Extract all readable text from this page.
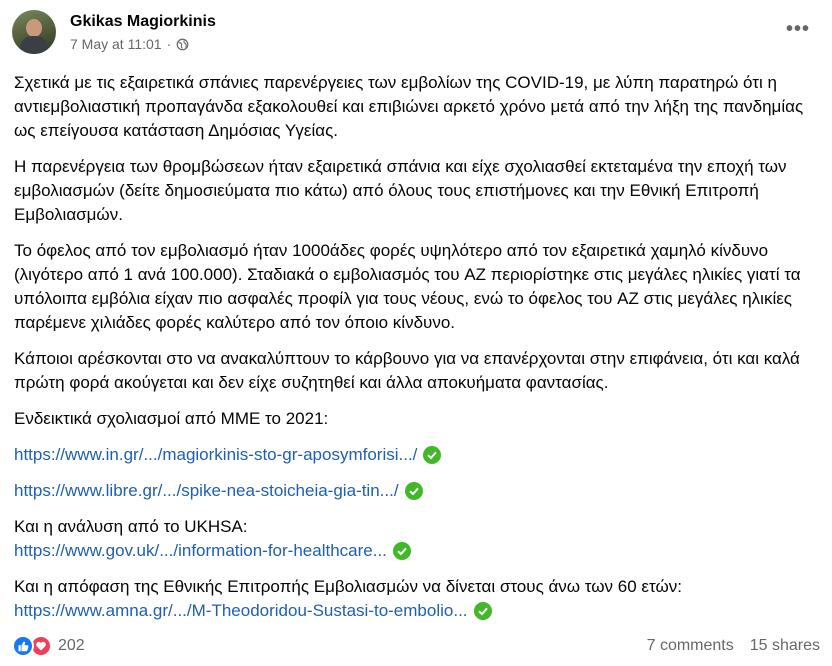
Gkikas Magiorkinis
7 May at 11:01 ·
•••

Σχετικά με τις εξαιρετικά σπάνιες παρενέργειες των εμβολίων της COVID-19, με λύπη παρατηρώ ότι η αντιεμβολιαστική προπαγάνδα εξακολουθεί και επιβιώνει αρκετό χρόνο μετά από την λήξη της πανδημίας ως επείγουσα κατάσταση Δημόσιας Υγείας.

Η παρενέργεια των θρομβώσεων ήταν εξαιρετικά σπάνια και είχε σχολιασθεί εκτεταμένα την εποχή των εμβολιασμών (δείτε δημοσιεύματα πιο κάτω) από όλους τους επιστήμονες και την Εθνική Επιτροπή Εμβολιασμών.

Το όφελος από τον εμβολιασμό ήταν 1000άδες φορές υψηλότερο από τον εξαιρετικά χαμηλό κίνδυνο (λιγότερο από 1 ανά 100.000). Σταδιακά ο εμβολιασμός του AZ περιορίστηκε στις μεγάλες ηλικίες γιατί τα υπόλοιπα εμβόλια είχαν πιο ασφαλές προφίλ για τους νέους, ενώ το όφελος του AZ στις μεγάλες ηλικίες παρέμενε χιλιάδες φορές καλύτερο από τον όποιο κίνδυνο.

Κάποιοι αρέσκονται στο να ανακαλύπτουν το κάρβουνο για να επανέρχονται στην επιφάνεια, ότι και καλά πρώτη φορά ακούγεται και δεν είχε συζητηθεί και άλλα αποκυήματα φαντασίας.

Ενδεικτικά σχολιασμοί από ΜΜΕ το 2021:

https://www.in.gr/.../magiorkinis-sto-gr-aposymforisi.../

https://www.libre.gr/.../spike-nea-stoicheia-gia-tin.../

Και η ανάλυση από το UKHSA:

https://www.gov.uk/.../information-for-healthcare...

Και η απόφαση της Εθνικής Επιτροπής Εμβολιασμών να δίνεται στους άνω των 60 ετών:

https://www.amna.gr/.../M-Theodoridou-Sustasi-to-embolio...

202	7 comments 15 shares
